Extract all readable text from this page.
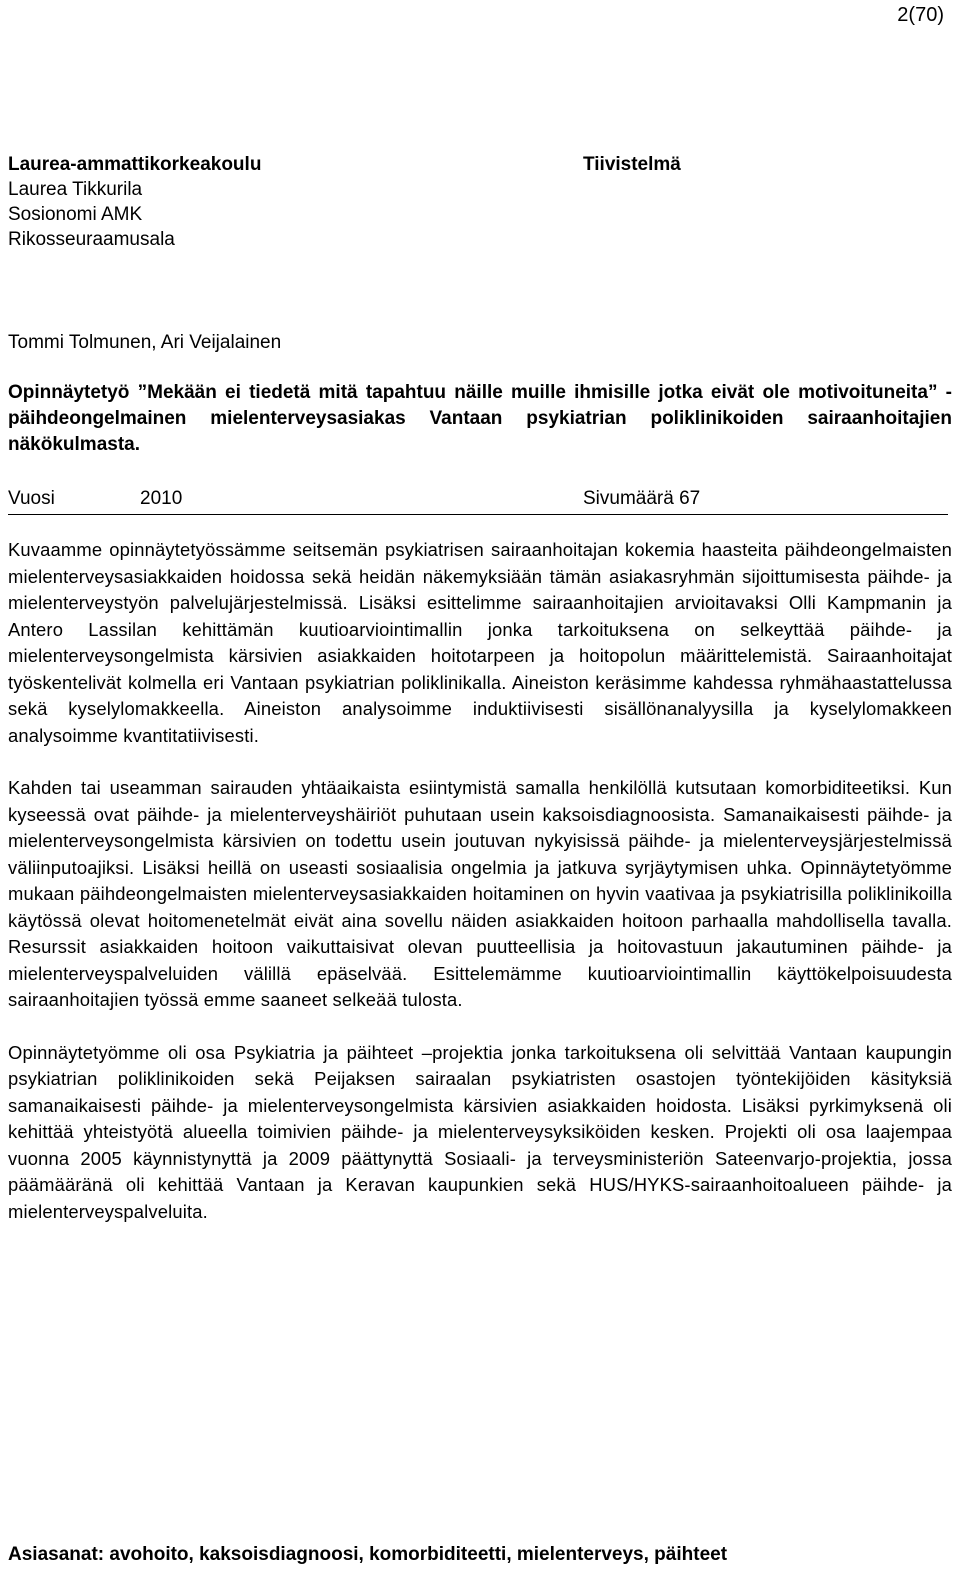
2(70)

Laurea-ammattikorkeakoulu
Laurea Tikkurila
Sosionomi AMK
Rikosseuraamusala

Tiivistelmä

Tommi Tolmunen, Ari Veijalainen

Opinnäytetyö ”Mekään ei tiedetä mitä tapahtuu näille muille ihmisille jotka eivät ole motivoituneita” - päihdeongelmainen mielenterveysasiakas Vantaan psykiatrian poliklinikoiden sairaanhoitajien näkökulmasta.

Vuosi	2010	Sivumäärä 67

Kuvaamme opinnäytetyössämme seitsemän psykiatrisen sairaanhoitajan kokemia haasteita päihdeongelmaisten mielenterveysasiakkaiden hoidossa sekä heidän näkemyksiään tämän asiakasryhmän sijoittumisesta päihde- ja mielenterveystyön palvelujärjestelmissä. Lisäksi esittelimme sairaanhoitajien arvioitavaksi Olli Kampmanin ja Antero Lassilan kehittämän kuutioarviointimallin jonka tarkoituksena on selkeyttää päihde- ja mielenterveysongelmista kärsivien asiakkaiden hoitotarpeen ja hoitopolun määrittelemistä. Sairaanhoitajat työskentelivät kolmella eri Vantaan psykiatrian poliklinikalla. Aineiston keräsimme kahdessa ryhmähaastattelussa sekä kyselylomakkeella. Aineiston analysoimme induktiivisesti sisällönanalyysilla ja kyselylomakkeen analysoimme kvantitatiivisesti.

Kahden tai useamman sairauden yhtäaikaista esiintymistä samalla henkilöllä kutsutaan komorbiditeetiksi. Kun kyseessä ovat päihde- ja mielenterveyshäiriöt puhutaan usein kaksoisdiagnoosista. Samanaikaisesti päihde- ja mielenterveysongelmista kärsivien on todettu usein joutuvan nykyisissä päihde- ja mielenterveysjärjestelmissä väliinputoajiksi. Lisäksi heillä on useasti sosiaalisia ongelmia ja jatkuva syrjäytymisen uhka. Opinnäytetyömme mukaan päihdeongelmaisten mielenterveysasiakkaiden hoitaminen on hyvin vaativaa ja psykiatrisilla poliklinikoilla käytössä olevat hoitomenetelmät eivät aina sovellu näiden asiakkaiden hoitoon parhaalla mahdollisella tavalla. Resurssit asiakkaiden hoitoon vaikuttaisivat olevan puutteellisia ja hoitovastuun jakautuminen päihde- ja mielenterveyspalveluiden välillä epäselvää. Esittelemämme kuutioarviointimallin käyttökelpoisuudesta sairaanhoitajien työssä emme saaneet selkeää tulosta.

Opinnäytetyömme oli osa Psykiatria ja päihteet –projektia jonka tarkoituksena oli selvittää Vantaan kaupungin psykiatrian poliklinikoiden sekä Peijaksen sairaalan psykiatristen osastojen työntekijöiden käsityksiä samanaikaisesti päihde- ja mielenterveysongelmista kärsivien asiakkaiden hoidosta. Lisäksi pyrkimyksenä oli kehittää yhteistyötä alueella toimivien päihde- ja mielenterveysyksiköiden kesken. Projekti oli osa laajempaa vuonna 2005 käynnistynyttä ja 2009 päättynyttä Sosiaali- ja terveysministeriön Sateenvarjo-projektia, jossa päämääränä oli kehittää Vantaan ja Keravan kaupunkien sekä HUS/HYKS-sairaanhoitoalueen päihde- ja mielenterveyspalveluita.

Asiasanat: avohoito, kaksoisdiagnoosi, komorbiditeetti, mielenterveys, päihteet
